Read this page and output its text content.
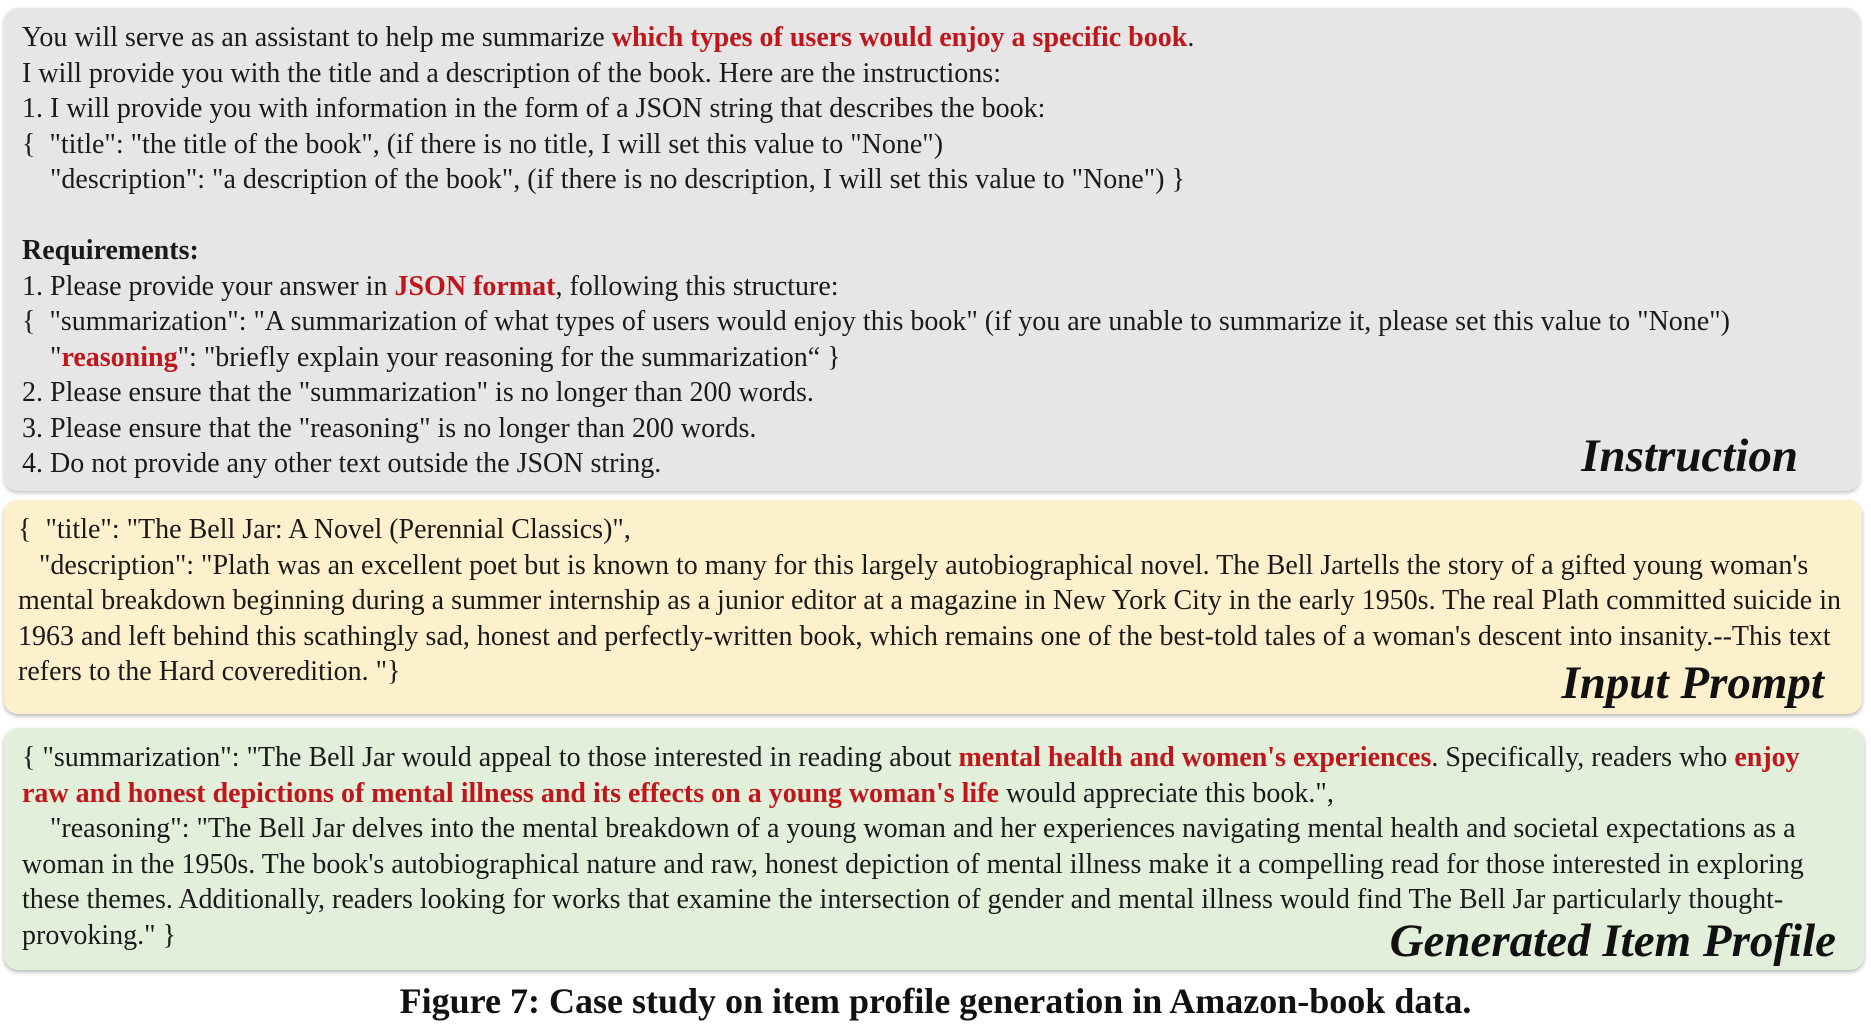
You will serve as an assistant to help me summarize which types of users would enjoy a specific book.
I will provide you with the title and a description of the book. Here are the instructions:
1. I will provide you with information in the form of a JSON string that describes the book:
{  "title": "the title of the book", (if there is no title, I will set this value to "None")
"description": "a description of the book", (if there is no description, I will set this value to "None") }
Requirements:
1. Please provide your answer in JSON format, following this structure:
{  "summarization": "A summarization of what types of users would enjoy this book" (if you are unable to summarize it, please set this value to "None")
"reasoning": "briefly explain your reasoning for the summarization“ }
2. Please ensure that the "summarization" is no longer than 200 words.
3. Please ensure that the "reasoning" is no longer than 200 words.
4. Do not provide any other text outside the JSON string.	Instruction
{  "title": "The Bell Jar: A Novel (Perennial Classics)",
"description": "Plath was an excellent poet but is known to many for this largely autobiographical novel. The Bell Jartells the story of a gifted young woman's mental breakdown beginning during a summer internship as a junior editor at a magazine in New York City in the early 1950s. The real Plath committed suicide in 1963 and left behind this scathingly sad, honest and perfectly-written book, which remains one of the best-told tales of a woman's descent into insanity.--This text refers to the Hard coveredition. "}	Input Prompt
{ "summarization": "The Bell Jar would appeal to those interested in reading about mental health and women's experiences. Specifically, readers who enjoy raw and honest depictions of mental illness and its effects on a young woman's life would appreciate this book.",
"reasoning": "The Bell Jar delves into the mental breakdown of a young woman and her experiences navigating mental health and societal expectations as a woman in the 1950s. The book's autobiographical nature and raw, honest depiction of mental illness make it a compelling read for those interested in exploring these themes. Additionally, readers looking for works that examine the intersection of gender and mental illness would find The Bell Jar particularly thought-provoking." }	Generated Item Profile
Figure 7: Case study on item profile generation in Amazon-book data.
